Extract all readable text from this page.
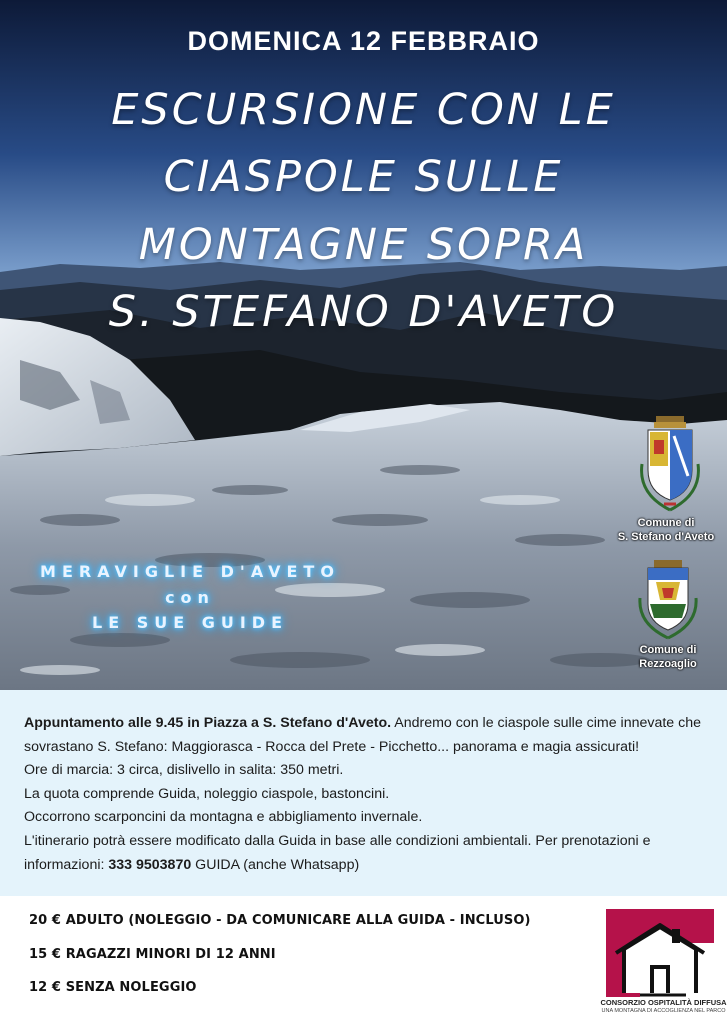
DOMENICA 12 FEBBRAIO
ESCURSIONE CON LE
CIASPOLE SULLE
MONTAGNE SOPRA
S. STEFANO D'AVETO
MERAVIGLIE D'AVETO
con
LE SUE GUIDE
Comune di
S. Stefano d'Aveto
Comune di
Rezzoaglio
Appuntamento alle 9.45 in Piazza a S. Stefano d'Aveto. Andremo con le ciaspole sulle cime innevate che sovrastano S. Stefano: Maggiorasca - Rocca del Prete - Picchetto... panorama e magia assicurati!
Ore di marcia: 3 circa, dislivello in salita: 350 metri.
La quota comprende Guida, noleggio ciaspole, bastoncini.
Occorrono scarponcini da montagna e abbigliamento invernale.
L'itinerario potrà essere modificato dalla Guida in base alle condizioni ambientali. Per prenotazioni e informazioni: 333 9503870 GUIDA (anche Whatsapp)
20 € ADULTO (NOLEGGIO - DA COMUNICARE ALLA GUIDA - INCLUSO)
15 € RAGAZZI MINORI DI 12 ANNI
12 € SENZA NOLEGGIO
CONSORZIO OSPITALITÀ DIFFUSA
UNA MONTAGNA DI ACCOGLIENZA NEL PARCO
